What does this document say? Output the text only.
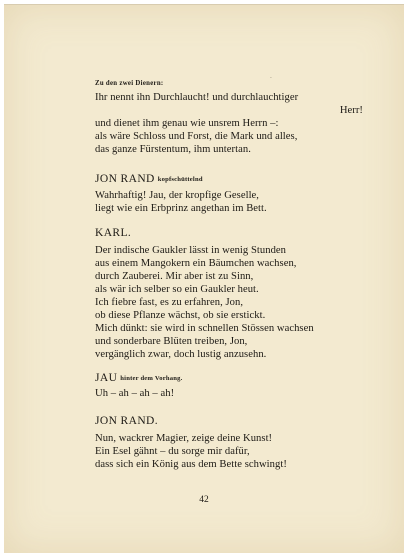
·
Zu den zwei Dienern:
Ihr nennt ihn Durchlaucht! und durchlauchtiger
Herr!
und dienet ihm genau wie unsrem Herrn –:
als wäre Schloss und Forst, die Mark und alles,
das ganze Fürstentum, ihm untertan.
JON RAND kopfschüttelnd
Wahrhaftig! Jau, der kropfige Geselle,
liegt wie ein Erbprinz angethan im Bett.
KARL.
Der indische Gaukler lässt in wenig Stunden
aus einem Mangokern ein Bäumchen wachsen,
durch Zauberei. Mir aber ist zu Sinn,
als wär ich selber so ein Gaukler heut.
Ich fiebre fast, es zu erfahren, Jon,
ob diese Pflanze wächst, ob sie erstickt.
Mich dünkt: sie wird in schnellen Stössen wachsen
und sonderbare Blüten treiben, Jon,
vergänglich zwar, doch lustig anzusehn.
JAU hinter dem Vorhang.
Uh – ah – ah – ah!
JON RAND.
Nun, wackrer Magier, zeige deine Kunst!
Ein Esel gähnt – du sorge mir dafür,
dass sich ein König aus dem Bette schwingt!
42
